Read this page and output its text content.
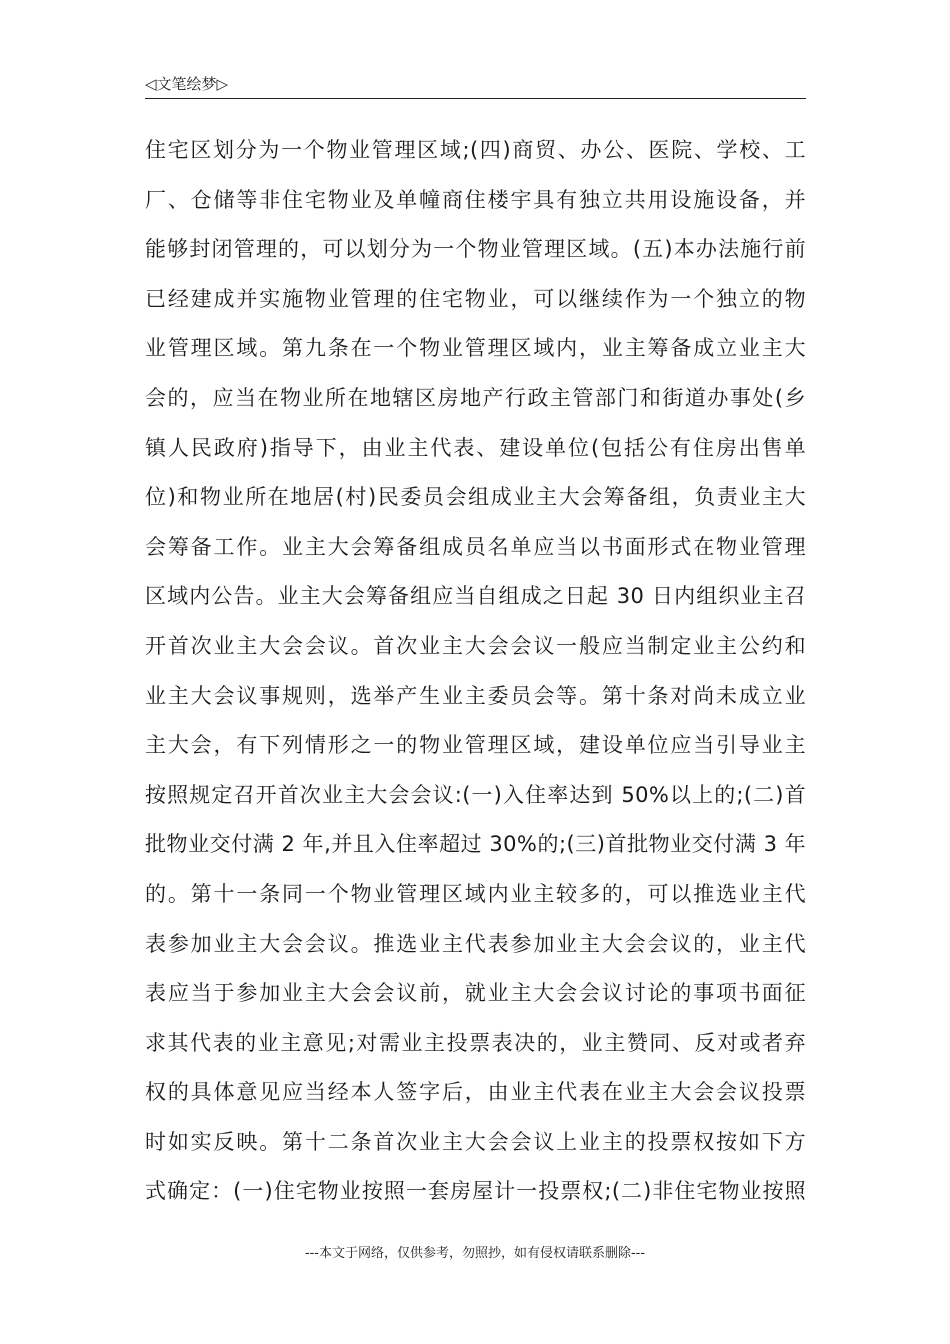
◁文笔绘梦▷
住宅区划分为一个物业管理区域;(四)商贸、办公、医院、学校、工
厂、仓储等非住宅物业及单幢商住楼宇具有独立共用设施设备，并
能够封闭管理的，可以划分为一个物业管理区域。(五)本办法施行前
已经建成并实施物业管理的住宅物业，可以继续作为一个独立的物
业管理区域。第九条在一个物业管理区域内，业主筹备成立业主大
会的，应当在物业所在地辖区房地产行政主管部门和街道办事处(乡
镇人民政府)指导下，由业主代表、建设单位(包括公有住房出售单
位)和物业所在地居(村)民委员会组成业主大会筹备组，负责业主大
会筹备工作。业主大会筹备组成员名单应当以书面形式在物业管理
区域内公告。业主大会筹备组应当自组成之日起 30 日内组织业主召
开首次业主大会会议。首次业主大会会议一般应当制定业主公约和
业主大会议事规则，选举产生业主委员会等。第十条对尚未成立业
主大会，有下列情形之一的物业管理区域，建设单位应当引导业主
按照规定召开首次业主大会会议:(一)入住率达到 50%以上的;(二)首
批物业交付满 2 年,并且入住率超过 30%的;(三)首批物业交付满 3 年
的。第十一条同一个物业管理区域内业主较多的，可以推选业主代
表参加业主大会会议。推选业主代表参加业主大会会议的，业主代
表应当于参加业主大会会议前，就业主大会会议讨论的事项书面征
求其代表的业主意见;对需业主投票表决的，业主赞同、反对或者弃
权的具体意见应当经本人签字后，由业主代表在业主大会会议投票
时如实反映。第十二条首次业主大会会议上业主的投票权按如下方
式确定：(一)住宅物业按照一套房屋计一投票权;(二)非住宅物业按照
---本文于网络，仅供参考，勿照抄，如有侵权请联系删除---
